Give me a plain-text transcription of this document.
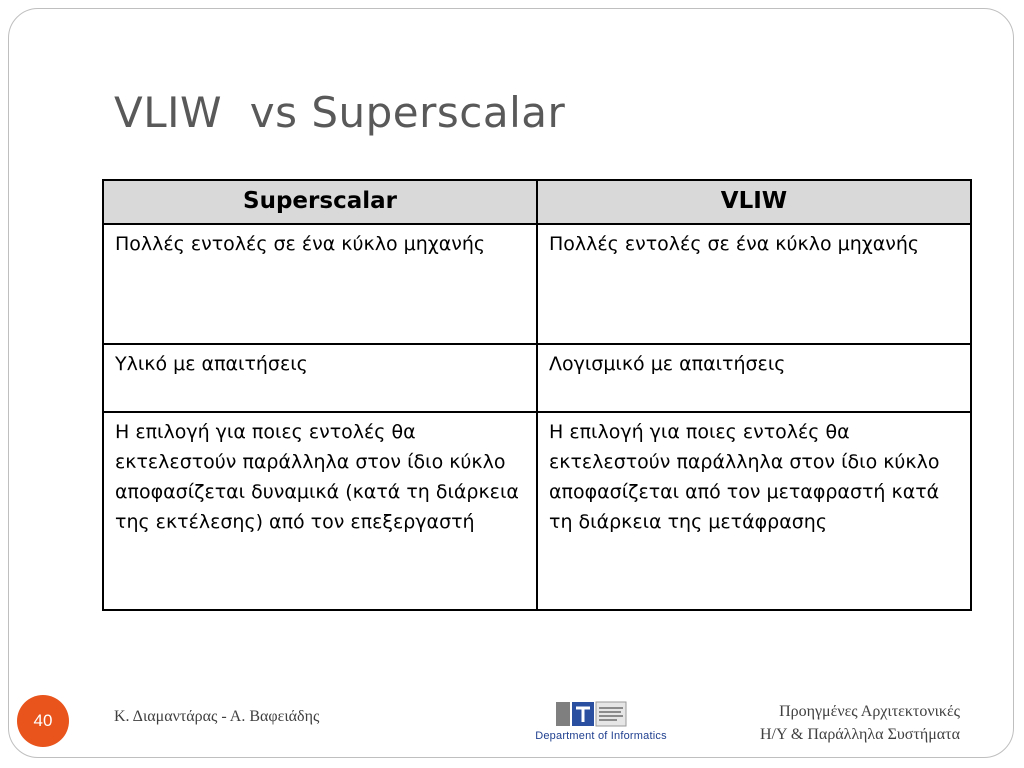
VLIW  vs Superscalar
Superscalar	VLIW
Πολλές εντολές σε ένα κύκλο μηχανής	Πολλές εντολές σε ένα κύκλο μηχανής
Υλικό με απαιτήσεις	Λογισμικό με απαιτήσεις
Η επιλογή για ποιες εντολές θα εκτελεστούν παράλληλα στον ίδιο κύκλο αποφασίζεται δυναμικά (κατά τη διάρκεια της εκτέλεσης) από τον επεξεργαστή	Η επιλογή για ποιες εντολές θα εκτελεστούν παράλληλα στον ίδιο κύκλο αποφασίζεται από τον μεταφραστή κατά τη διάρκεια της μετάφρασης
40	Κ. Διαμαντάρας - Α. Βαφειάδης
Department of Informatics
Προηγμένες Αρχιτεκτονικές
Η/Υ & Παράλληλα Συστήματα
